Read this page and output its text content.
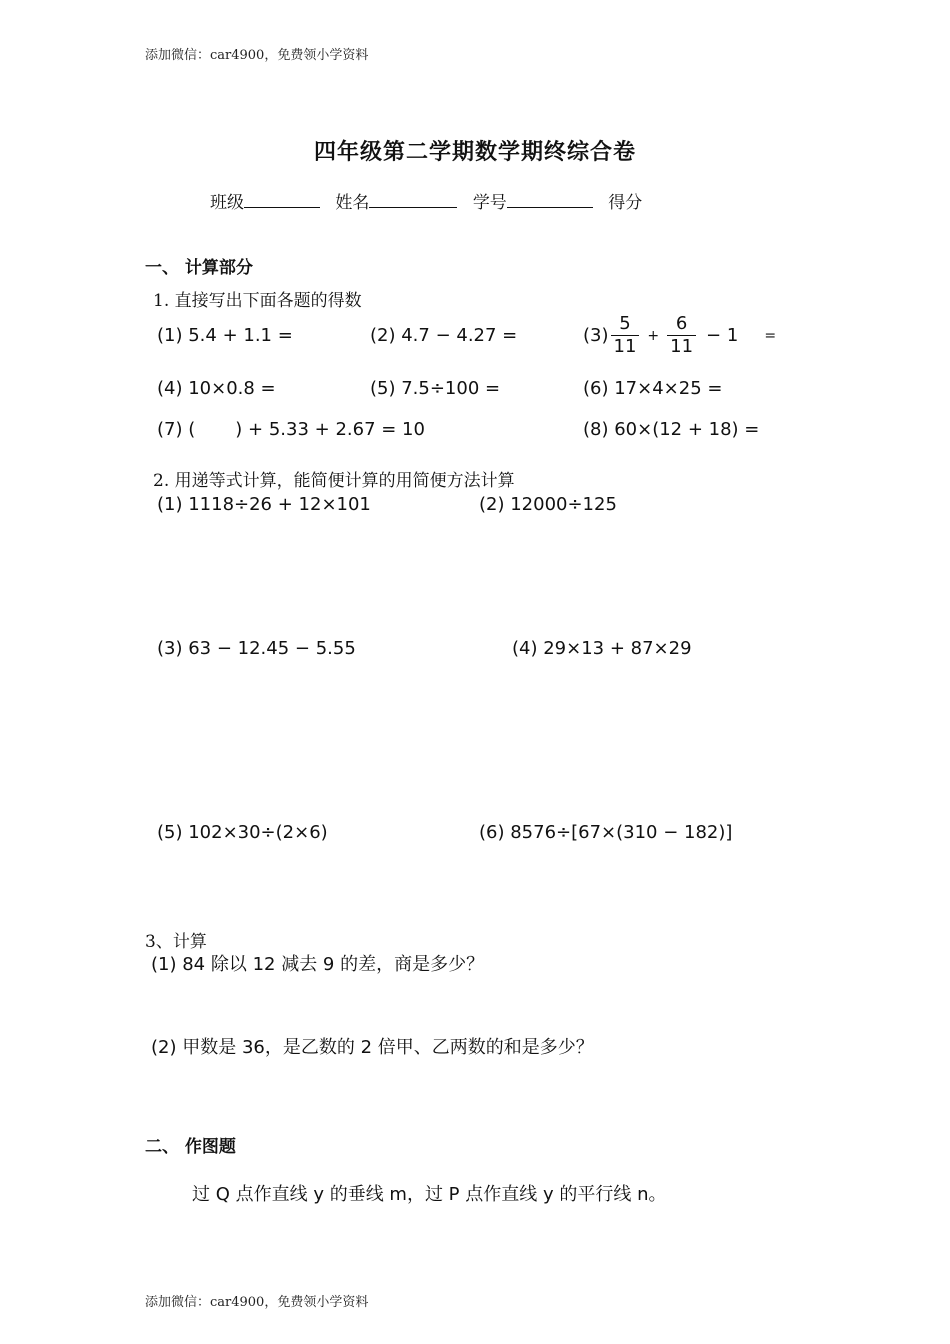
添加微信：car4900，免费领小学资料
四年级第二学期数学期终综合卷
班级	姓名	学号	得分
一、 计算部分
1. 直接写出下面各题的得数
(1) 5.4 + 1.1 =	(2) 4.7 − 4.27 =	$(3) \frac{5}{11} + \frac{6}{11} - 1$ =
(4) 10×0.8 =	(5) 7.5÷100 =	(6) 17×4×25 =
(7) (       ) + 5.33 + 2.67 = 10	(8) 60×(12 + 18) =
2. 用递等式计算，能简便计算的用简便方法计算
(1) 1118÷26 + 12×101	(2) 12000÷125
(3) 63 − 12.45 − 5.55	(4) 29×13 + 87×29
(5) 102×30÷(2×6)	(6) 8576÷[67×(310 − 182)]
3、计算
(1) 84 除以 12 减去 9 的差，商是多少？
(2) 甲数是 36，是乙数的 2 倍甲、乙两数的和是多少？
二、 作图题
过 Q 点作直线 y 的垂线 m，过 P 点作直线 y 的平行线 n。
添加微信：car4900，免费领小学资料
